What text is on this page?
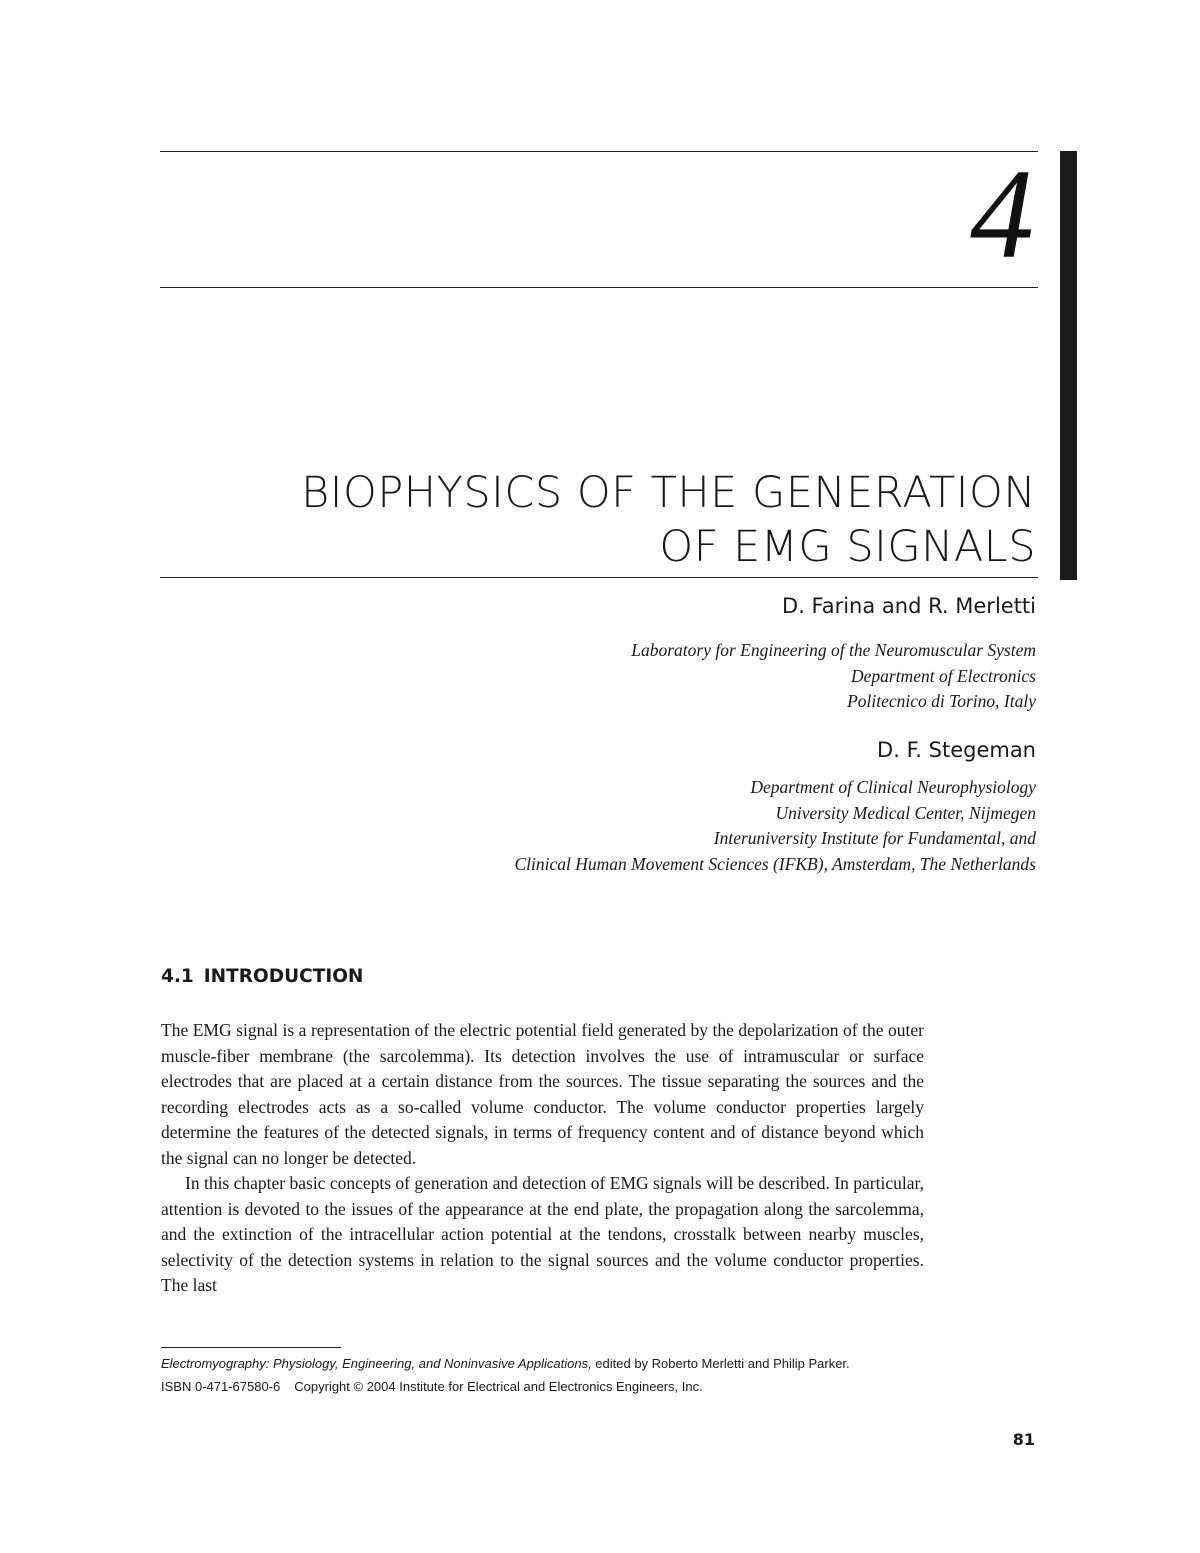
4
BIOPHYSICS OF THE GENERATION
OF EMG SIGNALS
D. Farina and R. Merletti
Laboratory for Engineering of the Neuromuscular System
Department of Electronics
Politecnico di Torino, Italy
D. F. Stegeman
Department of Clinical Neurophysiology
University Medical Center, Nijmegen
Interuniversity Institute for Fundamental, and
Clinical Human Movement Sciences (IFKB), Amsterdam, The Netherlands
4.1 INTRODUCTION

The EMG signal is a representation of the electric potential field generated by the depolarization of the outer muscle-fiber membrane (the sarcolemma). Its detection involves the use of intramuscular or surface electrodes that are placed at a certain distance from the sources. The tissue separating the sources and the recording electrodes acts as a so-called volume conductor. The volume conductor properties largely determine the features of the detected signals, in terms of frequency content and of distance beyond which the signal can no longer be detected.

In this chapter basic concepts of generation and detection of EMG signals will be described. In particular, attention is devoted to the issues of the appearance at the end plate, the propagation along the sarcolemma, and the extinction of the intracellular action potential at the tendons, crosstalk between nearby muscles, selectivity of the detection systems in relation to the signal sources and the volume conductor properties. The last

Electromyography: Physiology, Engineering, and Noninvasive Applications, edited by Roberto Merletti and Philip Parker.
ISBN 0-471-67580-6 Copyright © 2004 Institute for Electrical and Electronics Engineers, Inc.
81
